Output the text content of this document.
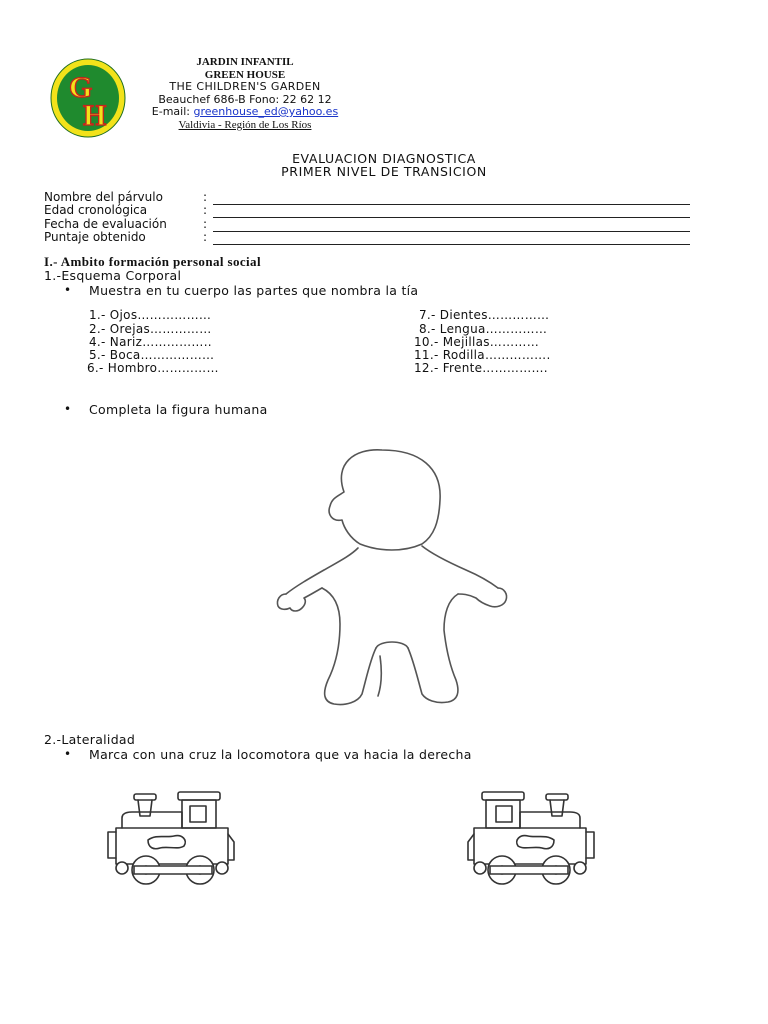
G
H
JARDIN INFANTIL
GREEN HOUSE
THE CHILDREN'S GARDEN
Beauchef 686-B Fono: 22 62 12
E-mail: greenhouse_ed@yahoo.es
Valdivia - Región de Los Ríos
EVALUACION DIAGNOSTICA
PRIMER NIVEL DE TRANSICION
Nombre del párvulo	:
Edad cronológica	:
Fecha de evaluación	:
Puntaje obtenido	:
I.- Ambito formación personal social
1.-Esquema Corporal
• Muestra en tu cuerpo las partes que nombra la tía
1.- Ojos………………
2.- Orejas……………
4.- Nariz……………..
5.- Boca………………
6.- Hombro……………
7.- Dientes……………
8.- Lengua……………
10.- Mejillas…………
11.- Rodilla…………….
12.- Frente…………….
• Completa la figura humana
2.-Lateralidad
• Marca con una cruz la locomotora que va hacia la derecha
